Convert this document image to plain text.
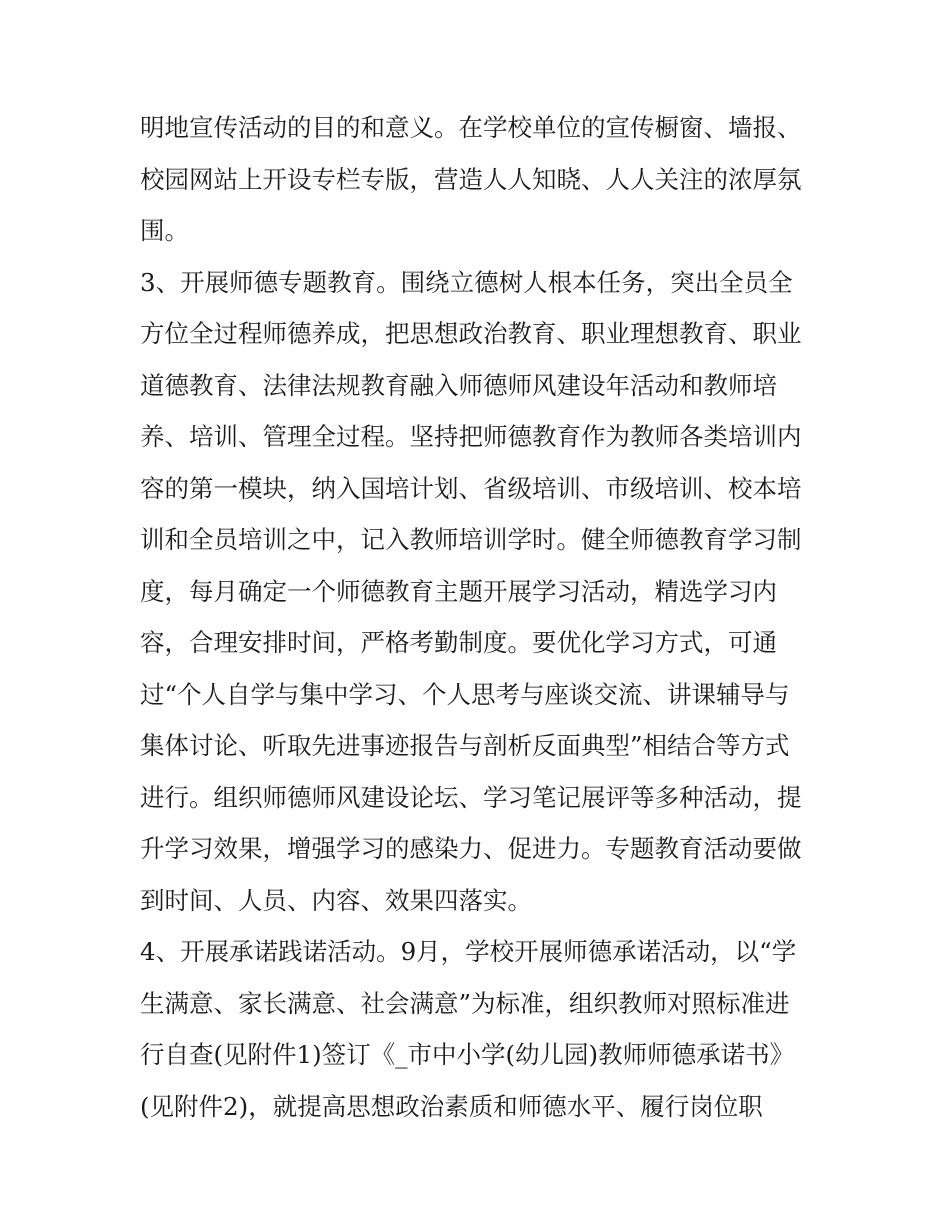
明地宣传活动的目的和意义。在学校单位的宣传橱窗、墙报、
校园网站上开设专栏专版，营造人人知晓、人人关注的浓厚氛
围。
3、开展师德专题教育。围绕立德树人根本任务，突出全员全
方位全过程师德养成，把思想政治教育、职业理想教育、职业
道德教育、法律法规教育融入师德师风建设年活动和教师培
养、培训、管理全过程。坚持把师德教育作为教师各类培训内
容的第一模块，纳入国培计划、省级培训、市级培训、校本培
训和全员培训之中，记入教师培训学时。健全师德教育学习制
度，每月确定一个师德教育主题开展学习活动，精选学习内
容，合理安排时间，严格考勤制度。要优化学习方式，可通
过“个人自学与集中学习、个人思考与座谈交流、讲课辅导与
集体讨论、听取先进事迹报告与剖析反面典型”相结合等方式
进行。组织师德师风建设论坛、学习笔记展评等多种活动，提
升学习效果，增强学习的感染力、促进力。专题教育活动要做
到时间、人员、内容、效果四落实。
4、开展承诺践诺活动。9月，学校开展师德承诺活动，以“学
生满意、家长满意、社会满意”为标准，组织教师对照标准进
行自查(见附件1)签订《_市中小学(幼儿园)教师师德承诺书》
(见附件2)，就提高思想政治素质和师德水平、履行岗位职
